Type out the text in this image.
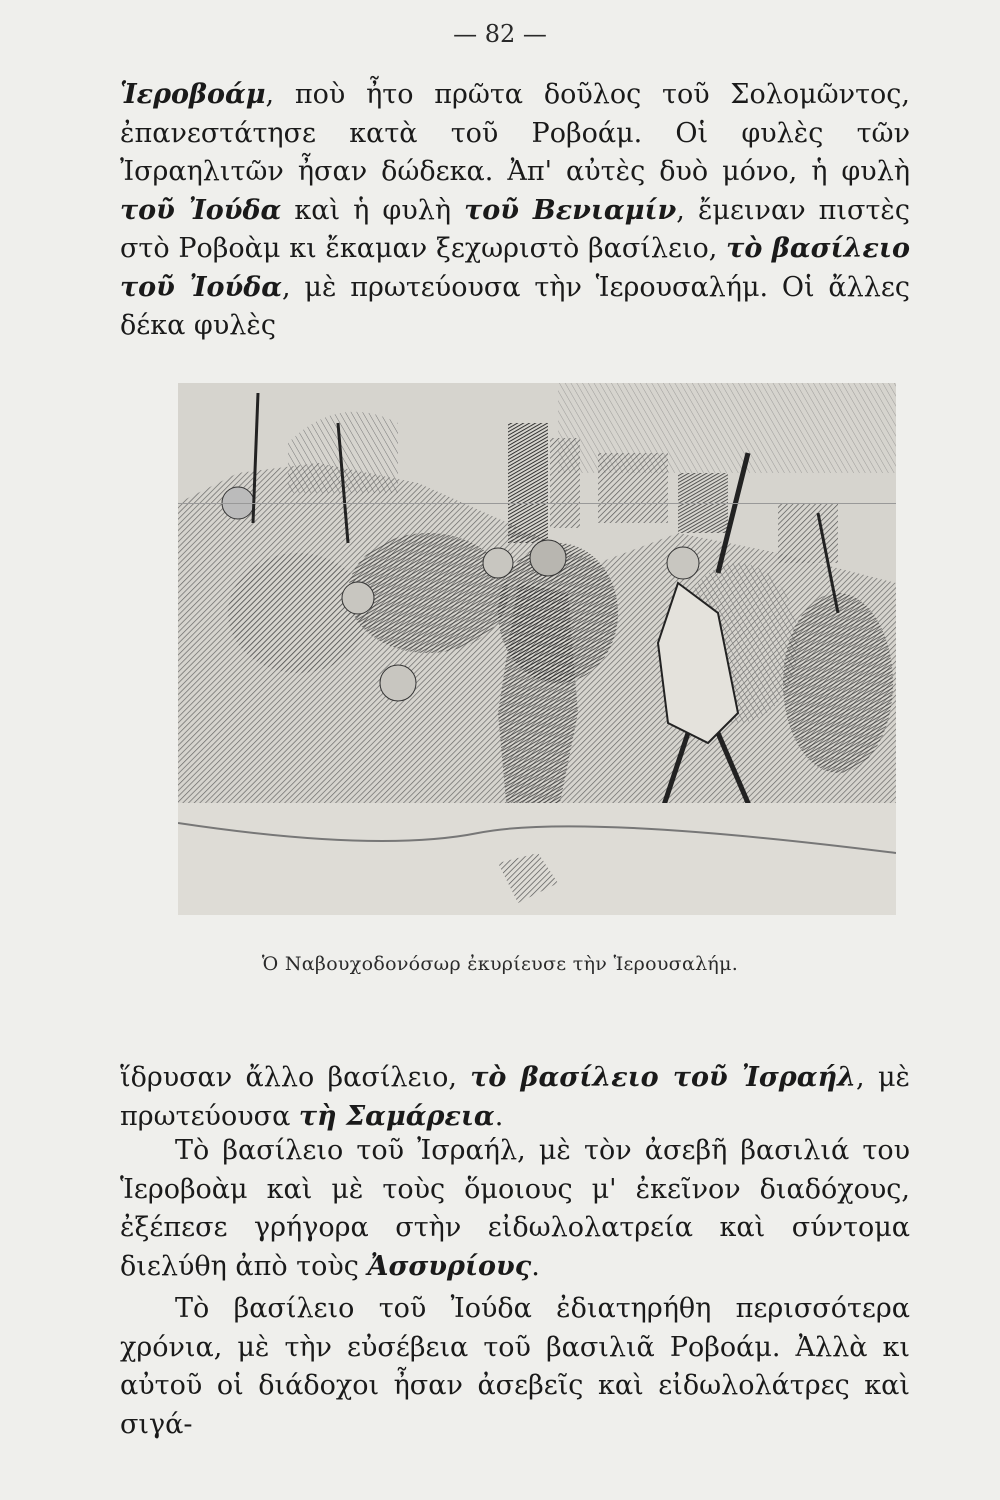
— 82 —

Ἱεροβοάμ, ποὺ ἦτο πρῶτα δοῦλος τοῦ Σολομῶντος, ἐπανεστάτησε κατὰ τοῦ Ροβοάμ. Οἱ φυλὲς τῶν Ἰσραηλιτῶν ἦσαν δώδεκα. Ἀπ' αὐτὲς δυὸ μόνο, ἡ φυλὴ τοῦ Ἰούδα καὶ ἡ φυλὴ τοῦ Βενιαμίν, ἔμειναν πιστὲς στὸ Ροβοὰμ κι ἔκαμαν ξεχωριστὸ βασίλειο, τὸ βασίλειο τοῦ Ἰούδα, μὲ πρωτεύουσα τὴν Ἱερουσαλήμ. Οἱ ἄλλες δέκα φυλὲς

Ὁ Ναβουχοδονόσωρ ἐκυρίευσε τὴν Ἱερουσαλήμ.

ἵδρυσαν ἄλλο βασίλειο, τὸ βασίλειο τοῦ Ἰσραήλ, μὲ πρωτεύουσα τὴ Σαμάρεια.

Τὸ βασίλειο τοῦ Ἰσραήλ, μὲ τὸν ἀσεβῆ βασιλιά του Ἱεροβοὰμ καὶ μὲ τοὺς ὅμοιους μ' ἐκεῖνον διαδόχους, ἐξέπεσε γρήγορα στὴν εἰδωλολατρεία καὶ σύντομα διελύθη ἀπὸ τοὺς Ἀσσυρίους.

Τὸ βασίλειο τοῦ Ἰούδα ἐδιατηρήθη περισσότερα χρόνια, μὲ τὴν εὐσέβεια τοῦ βασιλιᾶ Ροβοάμ. Ἀλλὰ κι αὐτοῦ οἱ διάδοχοι ἦσαν ἀσεβεῖς καὶ εἰδωλολάτρες καὶ σιγά-
